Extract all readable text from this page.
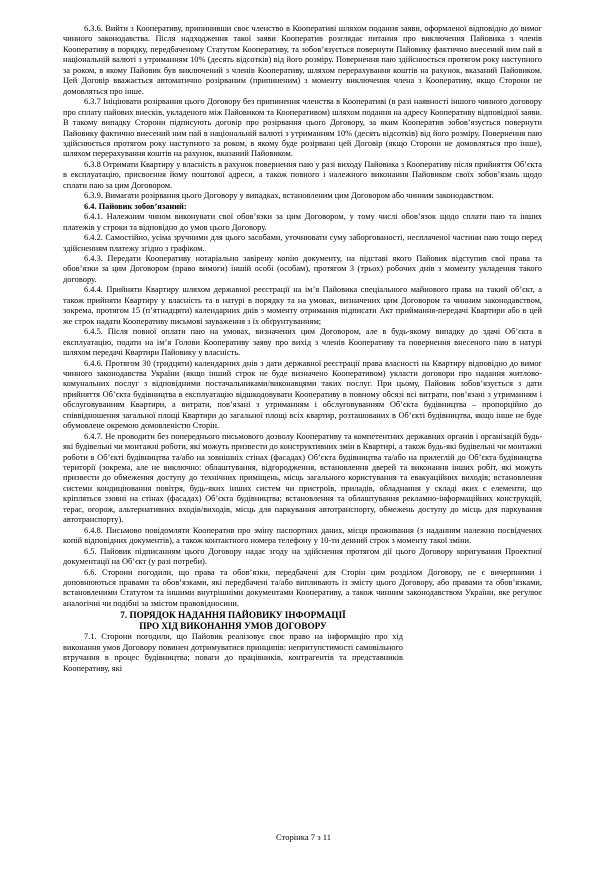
6.3.6. Вийти з Кооперативу, припинивши своє членство в Кооперативі шляхом подання заяви, оформленої відповідно до вимог чинного законодавства. Після надходження такої заяви Кооператив розглядає питання про виключення Пайовика з членів Кооперативу в порядку, передбаченому Статутом Кооперативу, та зобов’язується повернути Пайовику фактично внесений ним пай в національній валюті з утриманням 10% (десять відсотків) від його розміру. Повернення паю здійснюється протягом року наступного за роком, в якому Пайовик був виключений з членів Кооперативу, шляхом перерахування коштів на рахунок, вказаний Пайовиком. Цей Договір вважається автоматично розірваним (припиненим) з моменту виключення члена з Кооперативу, якщо Сторони не домовляться про інше.

6.3.7 Ініціювати розірвання цього Договору без припинення членства в Кооперативі (в разі наявності іншого чинного договору про сплату пайових внесків, укладеного між Пайовиком та Кооперативом) шляхом подання на адресу Кооперативу відповідної заяви. В такому випадку Сторони підписують договір про розірвання цього Договору, за яким Кооператив зобов’язується повернути Пайовику фактично внесений ним пай в національній валюті з утриманням 10% (десять відсотків) від його розміру. Повернення паю здійснюється протягом року наступного за роком, в якому буде розірвано цей Договір (якщо Сторони не домовляться про інше), шляхом перерахування коштів на рахунок, вказаний Пайовиком.

6.3.8 Отримати Квартиру у власність в рахунок повернення паю у разі виходу Пайовика з Кооперативу після прийняття Об’єкта в експлуатацію, присвоєння йому поштової адреси, а також повного і належного виконання Пайовиком своїх зобов’язань щодо сплати паю за цим Договором.

6.3.9. Вимагати розірвання цього Договору у випадках, встановленим цим Договором або чинним законодавством.

6.4. Пайовик зобов’язаний:

6.4.1. Належним чином виконувати свої обов’язки за цим Договором, у тому числі обов’язок щодо сплати паю та інших платежів у строки та відповідно до умов цього Договору.

6.4.2. Самостійно, усіма зручними для цього засобами, уточнювати суму заборгованості, несплаченої частини паю тощо перед здійсненням платежу згідно з графіком.

6.4.3. Передати Кооперативу нотаріально завірену копію документу, на підставі якого Пайовик відступив свої права та обов’язки за цим Договором (право вимоги) іншій особі (особам), протягом 3 (трьох) робочих днів з моменту укладення такого договору.

6.4.4. Прийняти Квартиру шляхом державної реєстрації на ім’я Пайовика спеціального майнового права на такий об’єкт, а також прийняти Квартиру у власність та в натурі в порядку та на умовах, визначених цим Договором та чинним законодавством, зокрема, протягом 15 (п’ятнадцяти) календарних днів з моменту отримання підписати Акт приймання-передачі Квартири або в цей же строк надати Кооперативу письмові зауваження з їх обґрунтуванням;

6.4.5. Після повної оплати паю на умовах, визначених цим Договором, але в будь-якому випадку до здачі Об’єкта в експлуатацію, подати на ім’я Голови Кооперативу заяву про вихід з членів Кооперативу та повернення внесеного паю в натурі шляхом передачі Квартири Пайовику у власність.

6.4.6. Протягом 30 (тридцяти) календарних днів з дати державної реєстрації права власності на Квартиру відповідно до вимог чинного законодавства України (якщо інший строк не буде визначено Кооперативом) укласти договори про надання житлово-комунальних послуг з відповідними постачальниками/виконавцями таких послуг. При цьому, Пайовик зобов’язується з дати прийняття Об’єкта будівництва в експлуатацію відшкодовувати Кооперативу в повному обсязі всі витрати, пов’язані з утриманням і обслуговуванням Квартири, а витрати, пов’язані з утриманням і обслуговуванням Об’єкта будівництва – пропорційно до співвідношення загальної площі Квартири до загальної площі всіх квартир, розташованих в Об’єкті будівництва, якщо інше не буде обумовлене окремою домовленістю Сторін.

6.4.7. Не проводити без попереднього письмового дозволу Кооперативу та компетентних державних органів і організацій будь-які будівельні чи монтажні роботи, які можуть призвести до конструктивних змін в Квартирі, а також будь-які будівельні чи монтажні роботи в Об’єкті будівництва та/або на зовнішніх стінах (фасадах) Об’єкта будівництва та/або на прилеглій до Об’єкта будівництва території (зокрема, але не виключно: облаштування, відгородження, встановлення дверей та виконання інших робіт, які можуть призвести до обмеження доступу до технічних приміщень, місць загального користування та евакуаційних виходів; встановлення системи кондиціювання повітря, будь-яких інших систем чи пристроїв, приладів, обладнання у складі яких є елементи, що кріпляться ззовні на стінах (фасадах) Об’єкта будівництва; встановлення та облаштування рекламно-інформаційних конструкцій, терас, огорож, альтернативних входів/виходів, місць для паркування автотранспорту, обмежень доступу до місць для паркування автотранспорту).

6.4.8. Письмово повідомляти Кооператив про зміну паспортних даних, місця проживання (з наданням належно посвідчених копій відповідних документів), а також контактного номера телефону у 10-ти денний строк з моменту такої зміни.

6.5. Пайовик підписанням цього Договору надає згоду на здійснення протягом дії цього Договору коригування Проектної документації на Об’єкт (у разі потреби).

6.6. Сторони погодили, що права та обов’язки, передбачені для Сторін цим розділом Договору, не є вичерпними і доповнюються правами та обов’язками, які передбачені та/або випливають із змісту цього Договору, або правами та обов’язками, встановленими Статутом та іншими внутрішніми документами Кооперативу, а також чинним законодавством України, яке регулює аналогічні чи подібні за змістом правовідносини.

7. ПОРЯДОК НАДАННЯ ПАЙОВИКУ ІНФОРМАЦІЇ
ПРО ХІД ВИКОНАННЯ УМОВ ДОГОВОРУ

7.1. Сторони погодили, що Пайовик реалізовує своє право на інформацію про хід виконання умов Договору повинен дотримуватися принципів: непритупстимості самовільного втручання в процес будівництва; поваги до працівників, контрагентів та представників Кооперативу, які

Сторінка 7 з 11
